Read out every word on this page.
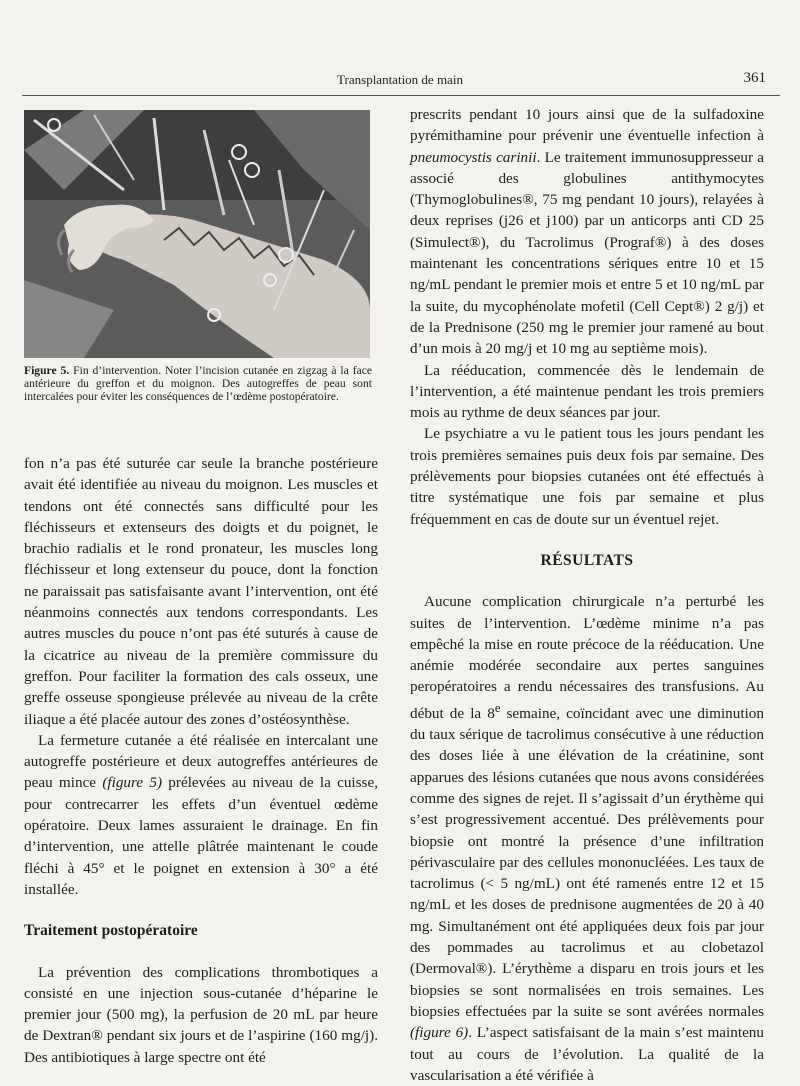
Transplantation de main	361
Figure 5. Fin d’intervention. Noter l’incision cutanée en zigzag à la face antérieure du greffon et du moignon. Des autogreffes de peau sont intercalées pour éviter les conséquences de l’œdème postopératoire.

fon n’a pas été suturée car seule la branche postérieure avait été identifiée au niveau du moignon. Les muscles et tendons ont été connectés sans difficulté pour les fléchisseurs et extenseurs des doigts et du poignet, le brachio radialis et le rond pronateur, les muscles long fléchisseur et long extenseur du pouce, dont la fonction ne paraissait pas satisfaisante avant l’intervention, ont été néanmoins connectés aux tendons correspondants. Les autres muscles du pouce n’ont pas été suturés à cause de la cicatrice au niveau de la première commissure du greffon. Pour faciliter la formation des cals osseux, une greffe osseuse spongieuse prélevée au niveau de la crête iliaque a été placée autour des zones d’ostéosynthèse.

La fermeture cutanée a été réalisée en intercalant une autogreffe postérieure et deux autogreffes antérieures de peau mince (figure 5) prélevées au niveau de la cuisse, pour contrecarrer les effets d’un éventuel œdème opératoire. Deux lames assuraient le drainage. En fin d’intervention, une attelle plâtrée maintenant le coude fléchi à 45° et le poignet en extension à 30° a été installée.

Traitement postopératoire

La prévention des complications thrombotiques a consisté en une injection sous-cutanée d’héparine le premier jour (500 mg), la perfusion de 20 mL par heure de Dextran® pendant six jours et de l’aspirine (160 mg/j). Des antibiotiques à large spectre ont été

prescrits pendant 10 jours ainsi que de la sulfadoxine pyrémithamine pour prévenir une éventuelle infection à pneumocystis carinii. Le traitement immunosuppresseur a associé des globulines antithymocytes (Thymoglobulines®, 75 mg pendant 10 jours), relayées à deux reprises (j26 et j100) par un anticorps anti CD 25 (Simulect®), du Tacrolimus (Prograf®) à des doses maintenant les concentrations sériques entre 10 et 15 ng/mL pendant le premier mois et entre 5 et 10 ng/mL par la suite, du mycophénolate mofetil (Cell Cept®) 2 g/j) et de la Prednisone (250 mg le premier jour ramené au bout d’un mois à 20 mg/j et 10 mg au septième mois).

La rééducation, commencée dès le lendemain de l’intervention, a été maintenue pendant les trois premiers mois au rythme de deux séances par jour.

Le psychiatre a vu le patient tous les jours pendant les trois premières semaines puis deux fois par semaine. Des prélèvements pour biopsies cutanées ont été effectués à titre systématique une fois par semaine et plus fréquemment en cas de doute sur un éventuel rejet.

RÉSULTATS

Aucune complication chirurgicale n’a perturbé les suites de l’intervention. L’œdème minime n’a pas empêché la mise en route précoce de la rééducation. Une anémie modérée secondaire aux pertes sanguines peropératoires a rendu nécessaires des transfusions. Au début de la 8e semaine, coïncidant avec une diminution du taux sérique de tacrolimus consécutive à une réduction des doses liée à une élévation de la créatinine, sont apparues des lésions cutanées que nous avons considérées comme des signes de rejet. Il s’agissait d’un érythème qui s’est progressivement accentué. Des prélèvements pour biopsie ont montré la présence d’une infiltration périvasculaire par des cellules mononucléées. Les taux de tacrolimus (< 5 ng/mL) ont été ramenés entre 12 et 15 ng/mL et les doses de prednisone augmentées de 20 à 40 mg. Simultanément ont été appliquées deux fois par jour des pommades au tacrolimus et au clobetazol (Dermoval®). L’érythème a disparu en trois jours et les biopsies se sont normalisées en trois semaines. Les biopsies effectuées par la suite se sont avérées normales (figure 6). L’aspect satisfaisant de la main s’est maintenu tout au cours de l’évolution. La qualité de la vascularisation a été vérifiée à
